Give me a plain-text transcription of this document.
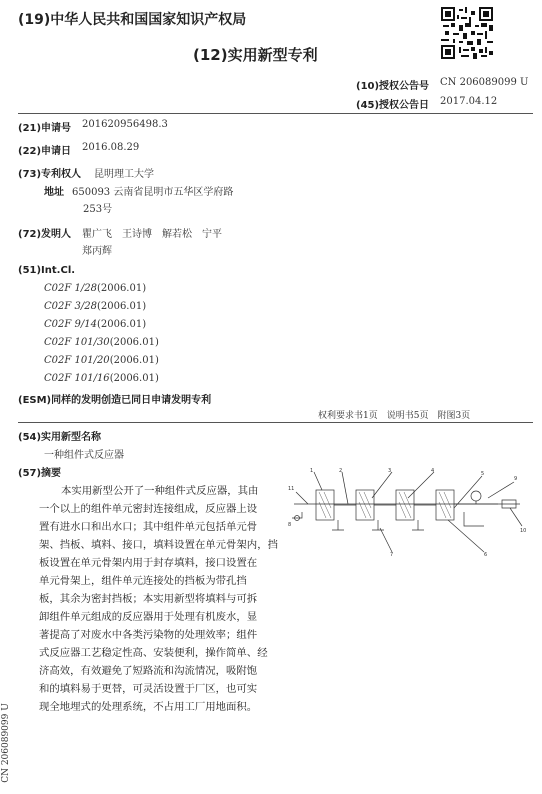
(19)中华人民共和国国家知识产权局
(12)实用新型专利
(10)授权公告号 CN 206089099 U
(45)授权公告日 2017.04.12
(21)申请号 201620956498.3
(22)申请日 2016.08.29
(73)专利权人 昆明理工大学
地址 650093 云南省昆明市五华区学府路
253号
(72)发明人 瞿广飞　王诗博　解若松　宁平
郑丙辉
(51)Int.Cl.
C02F 1/28(2006.01)
C02F 3/28(2006.01)
C02F 9/14(2006.01)
C02F 101/30(2006.01)
C02F 101/20(2006.01)
C02F 101/16(2006.01)
(ESM)同样的发明创造已同日申请发明专利
权利要求书1页　说明书5页　附图3页
(54)实用新型名称
一种组件式反应器
(57)摘要
本实用新型公开了一种组件式反应器，其由
一个以上的组件单元密封连接组成，反应器上设
置有进水口和出水口；其中组件单元包括单元骨
架、挡板、填料、接口，填料设置在单元骨架内，挡
板设置在单元骨架内用于封存填料，接口设置在
单元骨架上，组件单元连接处的挡板为带孔挡
板，其余为密封挡板；本实用新型将填料与可拆
卸组件单元组成的反应器用于处理有机废水，显
著提高了对废水中各类污染物的处理效率；组件
式反应器工艺稳定性高、安装便利，操作简单、经
济高效，有效避免了短路流和沟流情况，吸附饱
和的填料易于更替，可灵活设置于厂区，也可实
现全地埋式的处理系统，不占用工厂用地面积。
1	2	3	4	5
6
7
8
9
10
11
CN 206089099 U
